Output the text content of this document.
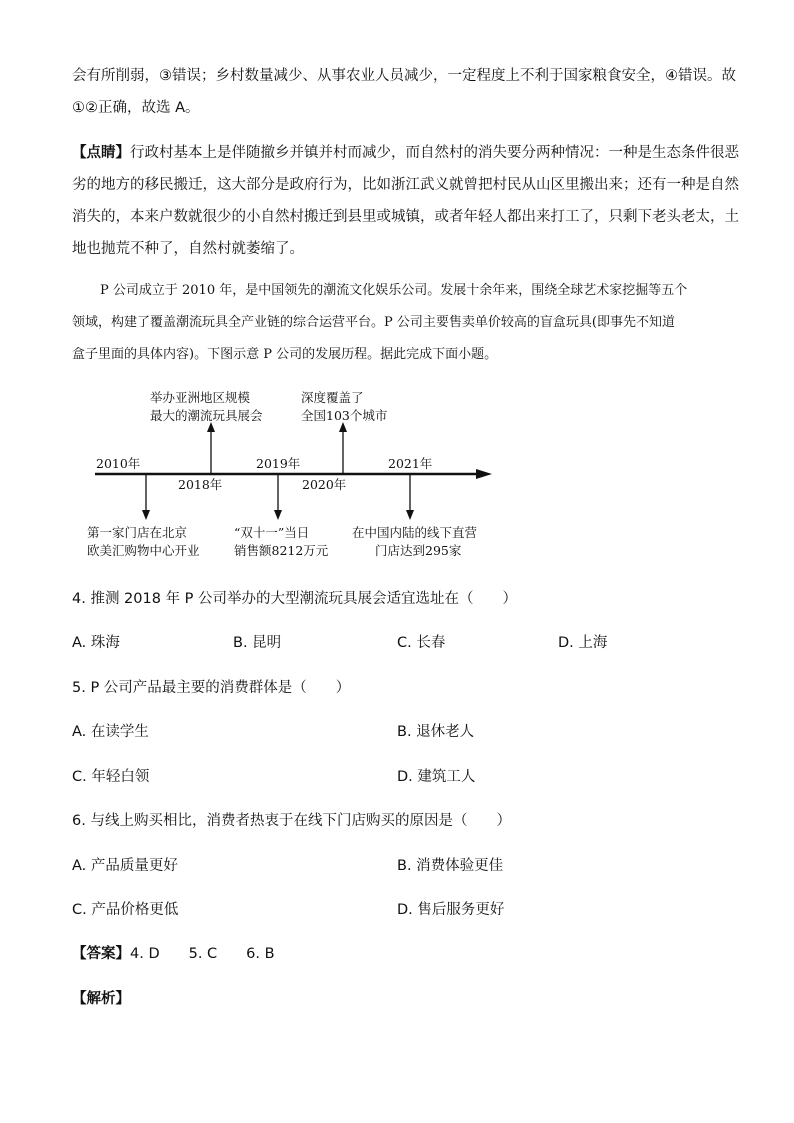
会有所削弱，③错误；乡村数量减少、从事农业人员减少，一定程度上不利于国家粮食安全，④错误。故
①②正确，故选 A。
【点睛】行政村基本上是伴随撤乡并镇并村而减少，而自然村的消失要分两种情况：一种是生态条件很恶
劣的地方的移民搬迁，这大部分是政府行为，比如浙江武义就曾把村民从山区里搬出来；还有一种是自然
消失的，本来户数就很少的小自然村搬迁到县里或城镇，或者年轻人都出来打工了，只剩下老头老太，土
地也抛荒不种了，自然村就萎缩了。
P 公司成立于 2010 年，是中国领先的潮流文化娱乐公司。发展十余年来，围绕全球艺术家挖掘等五个
领域，构建了覆盖潮流玩具全产业链的综合运营平台。P 公司主要售卖单价较高的盲盒玩具(即事先不知道
盒子里面的具体内容)。下图示意 P 公司的发展历程。据此完成下面小题。
2010年
2018年
2019年
2020年
2021年
举办亚洲地区规模
最大的潮流玩具展会
深度覆盖了
全国103个城市
第一家门店在北京
欧美汇购物中心开业
“双十一”当日
销售额8212万元
在中国内陆的线下直营
门店达到295家
4. 推测 2018 年 P 公司举办的大型潮流玩具展会适宜选址在（　　）
A. 珠海	B. 昆明	C. 长春	D. 上海
5. P 公司产品最主要的消费群体是（　　）
A. 在读学生	B. 退休老人
C. 年轻白领	D. 建筑工人
6. 与线上购买相比，消费者热衷于在线下门店购买的原因是（　　）
A. 产品质量更好	B. 消费体验更佳
C. 产品价格更低	D. 售后服务更好
【答案】4. D　　5. C　　6. B
【解析】
